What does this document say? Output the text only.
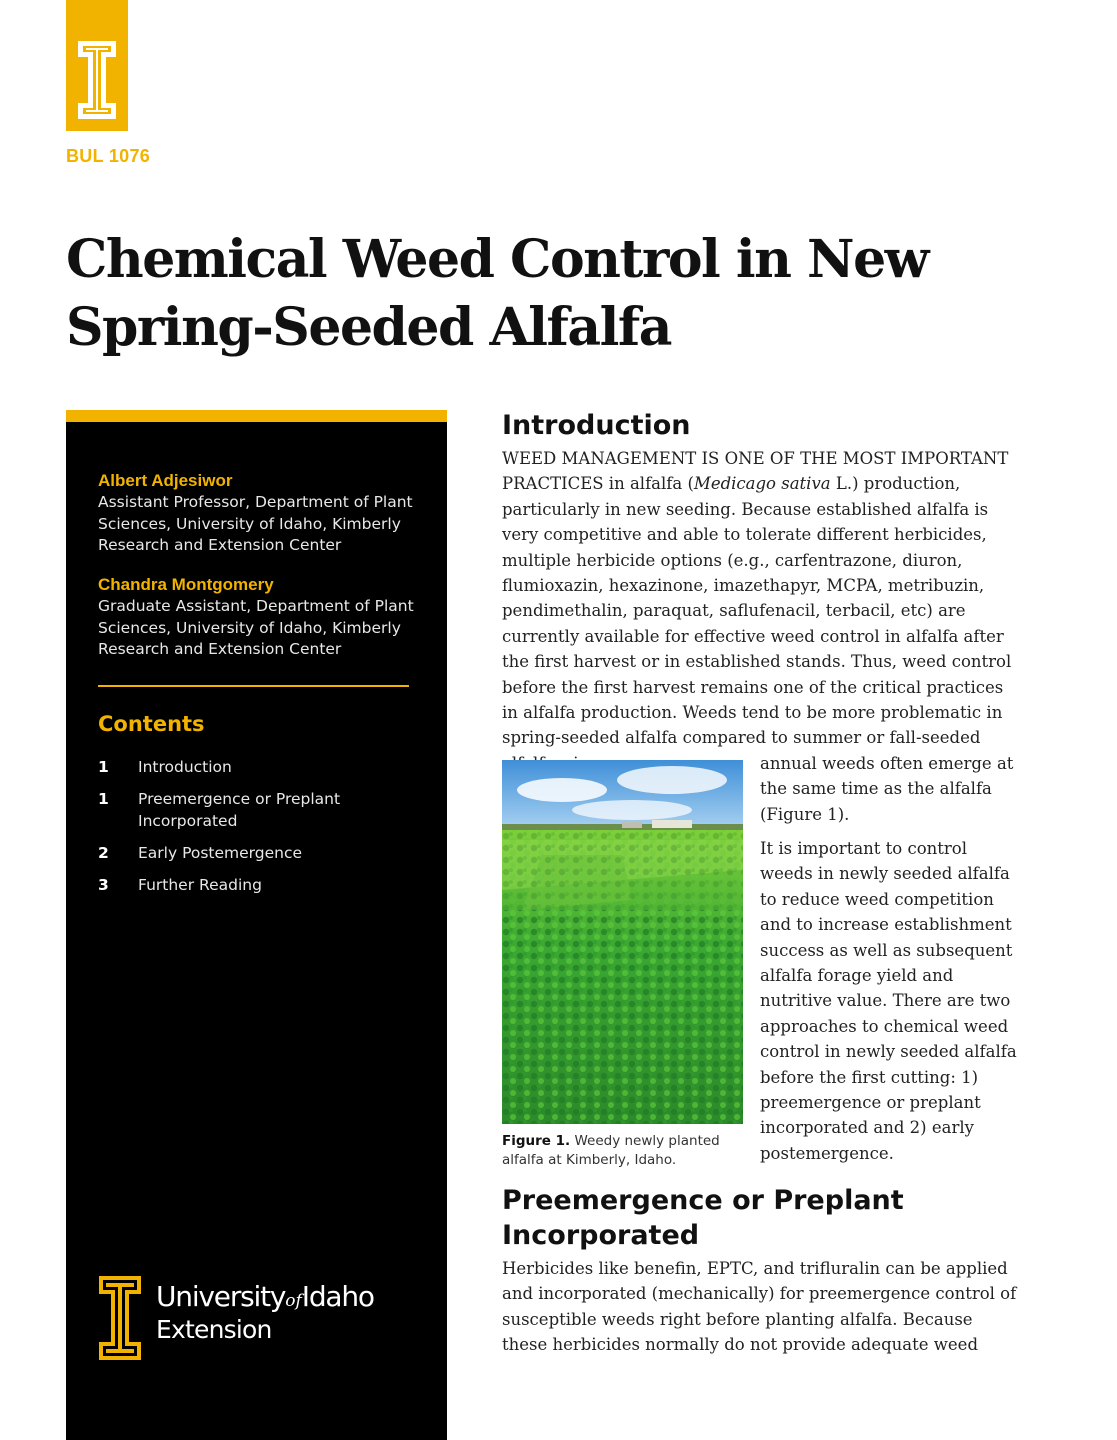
BUL 1076
Chemical Weed Control in New Spring-Seeded Alfalfa
Albert Adjesiwor
Assistant Professor, Department of Plant Sciences, University of Idaho, Kimberly Research and Extension Center
Chandra Montgomery
Graduate Assistant, Department of Plant Sciences, University of Idaho, Kimberly Research and Extension Center
Contents
1	Introduction
1	Preemergence or Preplant Incorporated
2	Early Postemergence
3	Further Reading
UniversityofIdaho
Extension
Introduction

WEED MANAGEMENT IS ONE OF THE MOST IMPORTANT PRACTICES in alfalfa (Medicago sativa L.) production, particularly in new seeding. Because established alfalfa is very competitive and able to tolerate different herbicides, multiple herbicide options (e.g., carfentrazone, diuron, flumioxazin, hexazinone, imazethapyr, MCPA, metribuzin, pendimethalin, paraquat, saflufenacil, terbacil, etc) are currently available for effective weed control in alfalfa after the first harvest or in established stands. Thus, weed control before the first harvest remains one of the critical practices in alfalfa production. Weeds tend to be more problematic in spring-seeded alfalfa compared to summer or fall-seeded

Figure 1. Weedy newly planted alfalfa at Kimberly, Idaho.

annual weeds often emerge at the same time as the alfalfa (Figure 1).

It is important to control weeds in newly seeded alfalfa to reduce weed competition and to increase establishment success as well as subsequent alfalfa forage yield and nutritive value. There are two approaches to chemical weed control in newly seeded alfalfa before the first cutting: 1) preemergence or preplant incorporated and 2) early postemergence.

Preemergence or Preplant Incorporated

Herbicides like benefin, EPTC, and trifluralin can be applied and incorporated (mechanically) for preemergence control of susceptible weeds right before planting alfalfa. Because these herbicides normally do not provide adequate weed
